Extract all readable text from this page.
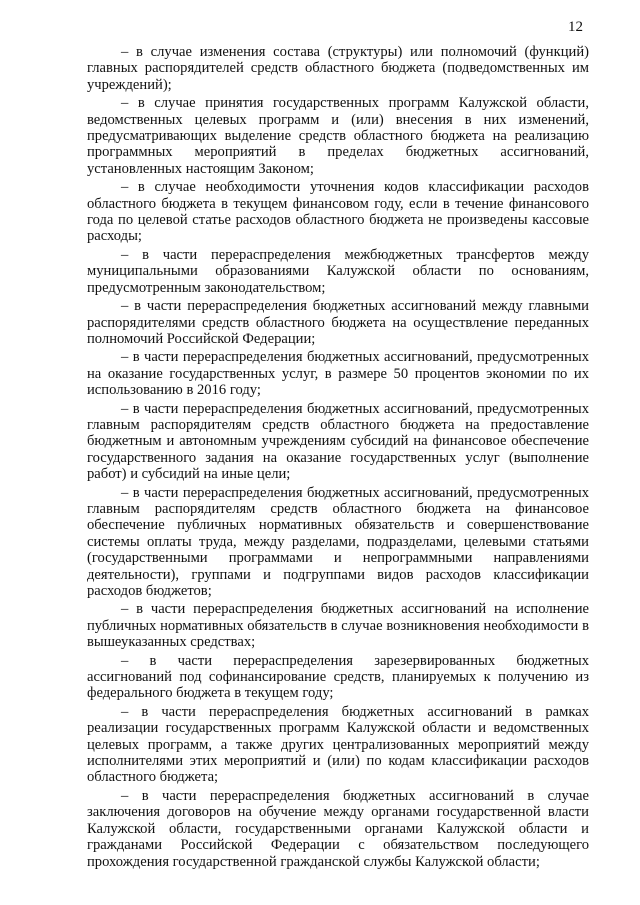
12

– в случае изменения состава (структуры) или полномочий (функций) главных распорядителей средств областного бюджета (подведомственных им учреждений);

– в случае принятия государственных программ Калужской области, ведомственных целевых программ и (или) внесения в них изменений, предусматривающих выделение средств областного бюджета на реализацию программных мероприятий в пределах бюджетных ассигнований, установленных настоящим Законом;

– в случае необходимости уточнения кодов классификации расходов областного бюджета в текущем финансовом году, если в течение финансового года по целевой статье расходов областного бюджета не произведены кассовые расходы;

– в части перераспределения межбюджетных трансфертов между муниципальными образованиями Калужской области по основаниям, предусмотренным законодательством;

– в части перераспределения бюджетных ассигнований между главными распорядителями средств областного бюджета на осуществление переданных полномочий Российской Федерации;

– в части перераспределения бюджетных ассигнований, предусмотренных на оказание государственных услуг, в размере 50 процентов экономии по их использованию в 2016 году;

– в части перераспределения бюджетных ассигнований, предусмотренных главным распорядителям средств областного бюджета на предоставление бюджетным и автономным учреждениям субсидий на финансовое обеспечение государственного задания на оказание государственных услуг (выполнение работ) и субсидий на иные цели;

– в части перераспределения бюджетных ассигнований, предусмотренных главным распорядителям средств областного бюджета на финансовое обеспечение публичных нормативных обязательств и совершенствование системы оплаты труда, между разделами, подразделами, целевыми статьями (государственными программами и непрограммными направлениями деятельности), группами и подгруппами видов расходов классификации расходов бюджетов;

– в части перераспределения бюджетных ассигнований на исполнение публичных нормативных обязательств в случае возникновения необходимости в вышеуказанных средствах;

– в части перераспределения зарезервированных бюджетных ассигнований под софинансирование средств, планируемых к получению из федерального бюджета в текущем году;

– в части перераспределения бюджетных ассигнований в рамках реализации государственных программ Калужской области и ведомственных целевых программ, а также других централизованных мероприятий между исполнителями этих мероприятий и (или) по кодам классификации расходов областного бюджета;

– в части перераспределения бюджетных ассигнований в случае заключения договоров на обучение между органами государственной власти Калужской области, государственными органами Калужской области и гражданами Российской Федерации с обязательством последующего прохождения государственной гражданской службы Калужской области;
